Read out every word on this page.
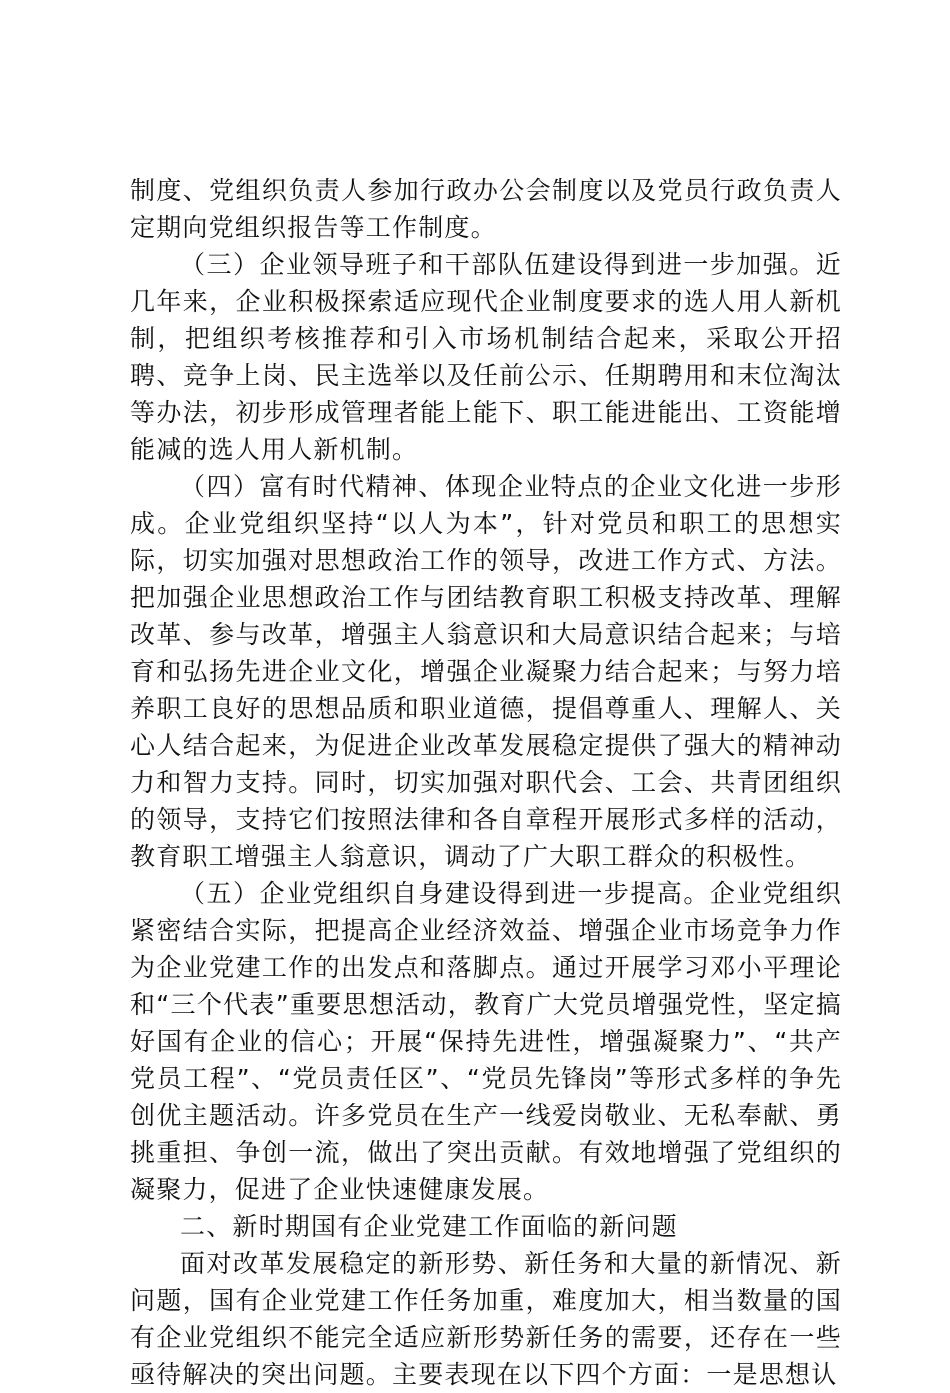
制度、党组织负责人参加行政办公会制度以及党员行政负责人定期向党组织报告等工作制度。

（三）企业领导班子和干部队伍建设得到进一步加强。近几年来，企业积极探索适应现代企业制度要求的选人用人新机制，把组织考核推荐和引入市场机制结合起来，采取公开招聘、竞争上岗、民主选举以及任前公示、任期聘用和末位淘汰等办法，初步形成管理者能上能下、职工能进能出、工资能增能减的选人用人新机制。

（四）富有时代精神、体现企业特点的企业文化进一步形成。企业党组织坚持“以人为本”，针对党员和职工的思想实际，切实加强对思想政治工作的领导，改进工作方式、方法。把加强企业思想政治工作与团结教育职工积极支持改革、理解改革、参与改革，增强主人翁意识和大局意识结合起来；与培育和弘扬先进企业文化，增强企业凝聚力结合起来；与努力培养职工良好的思想品质和职业道德，提倡尊重人、理解人、关心人结合起来，为促进企业改革发展稳定提供了强大的精神动力和智力支持。同时，切实加强对职代会、工会、共青团组织的领导，支持它们按照法律和各自章程开展形式多样的活动，教育职工增强主人翁意识，调动了广大职工群众的积极性。

（五）企业党组织自身建设得到进一步提高。企业党组织紧密结合实际，把提高企业经济效益、增强企业市场竞争力作为企业党建工作的出发点和落脚点。通过开展学习邓小平理论和“三个代表”重要思想活动，教育广大党员增强党性，坚定搞好国有企业的信心；开展“保持先进性，增强凝聚力”、“共产党员工程”、“党员责任区”、“党员先锋岗”等形式多样的争先创优主题活动。许多党员在生产一线爱岗敬业、无私奉献、勇挑重担、争创一流，做出了突出贡献。有效地增强了党组织的凝聚力，促进了企业快速健康发展。

二、新时期国有企业党建工作面临的新问题

面对改革发展稳定的新形势、新任务和大量的新情况、新问题，国有企业党建工作任务加重，难度加大，相当数量的国有企业党组织不能完全适应新形势新任务的需要，还存在一些亟待解决的突出问题。主要表现在以下四个方面：一是思想认
